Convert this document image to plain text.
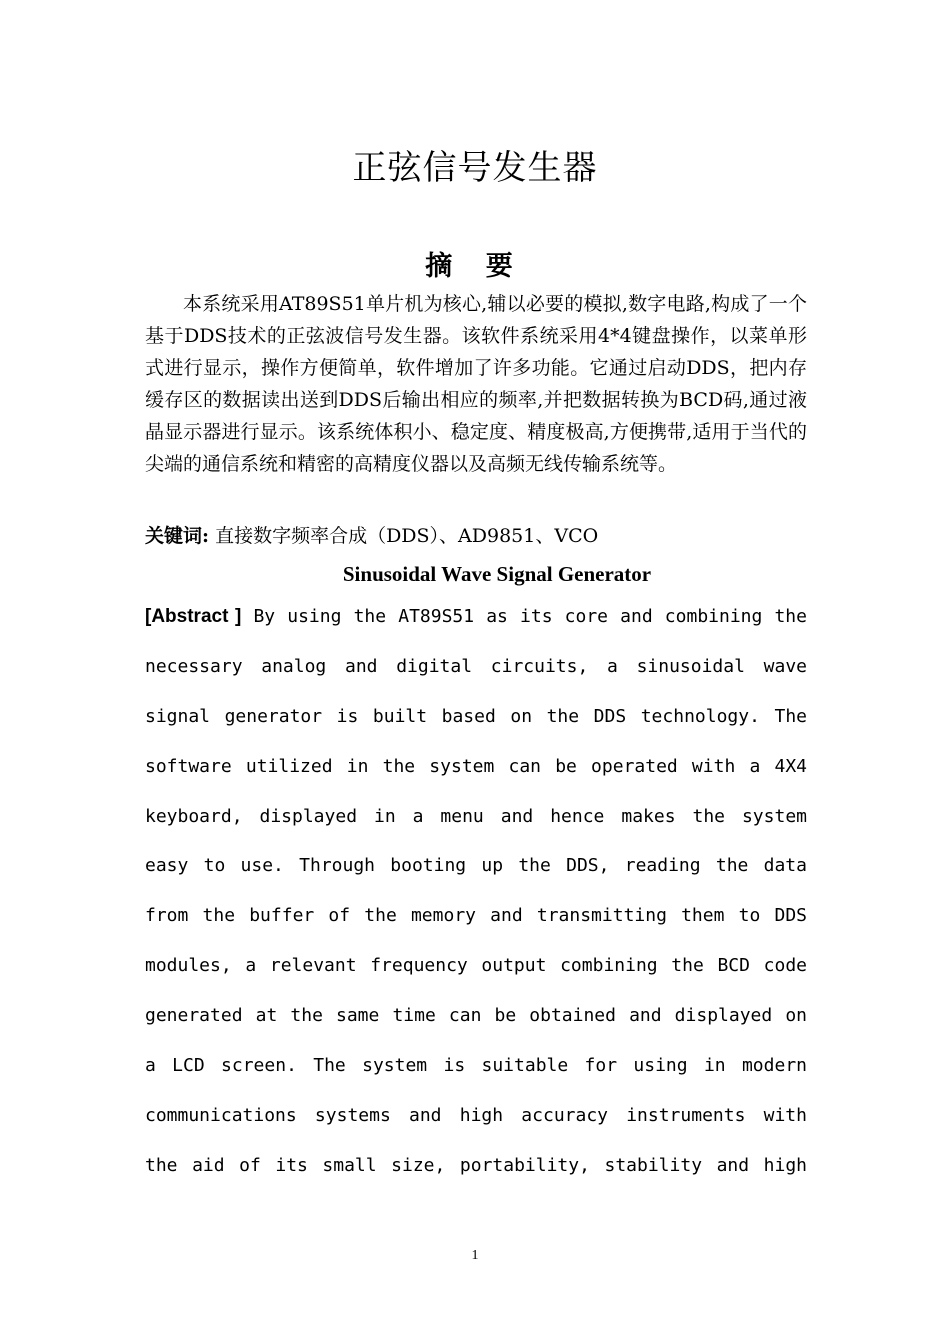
正弦信号发生器
摘 要

本系统采用AT89S51单片机为核心,辅以必要的模拟,数字电路,构成了一个基于DDS技术的正弦波信号发生器。该软件系统采用4*4键盘操作，以菜单形式进行显示，操作方便简单，软件增加了许多功能。它通过启动DDS，把内存缓存区的数据读出送到DDS后输出相应的频率,并把数据转换为BCD码,通过液晶显示器进行显示。该系统体积小、稳定度、精度极高,方便携带,适用于当代的尖端的通信系统和精密的高精度仪器以及高频无线传输系统等。

关键词: 直接数字频率合成（DDS）、AD9851、VCO

Sinusoidal Wave Signal Generator
[Abstract ] By using the AT89S51 as its core and combining the
necessary analog and digital circuits, a sinusoidal wave
signal generator is built based on the DDS technology. The
software utilized in the system can be operated with a 4X4
keyboard, displayed in a menu and hence makes the system
easy to use. Through booting up the DDS, reading the data
from the buffer of the memory and transmitting them to DDS
modules, a relevant frequency output combining the BCD code
generated at the same time can be obtained and displayed on
a LCD screen. The system is suitable for using in modern
communications systems and high accuracy instruments with
the aid of its small size, portability, stability and high
1
